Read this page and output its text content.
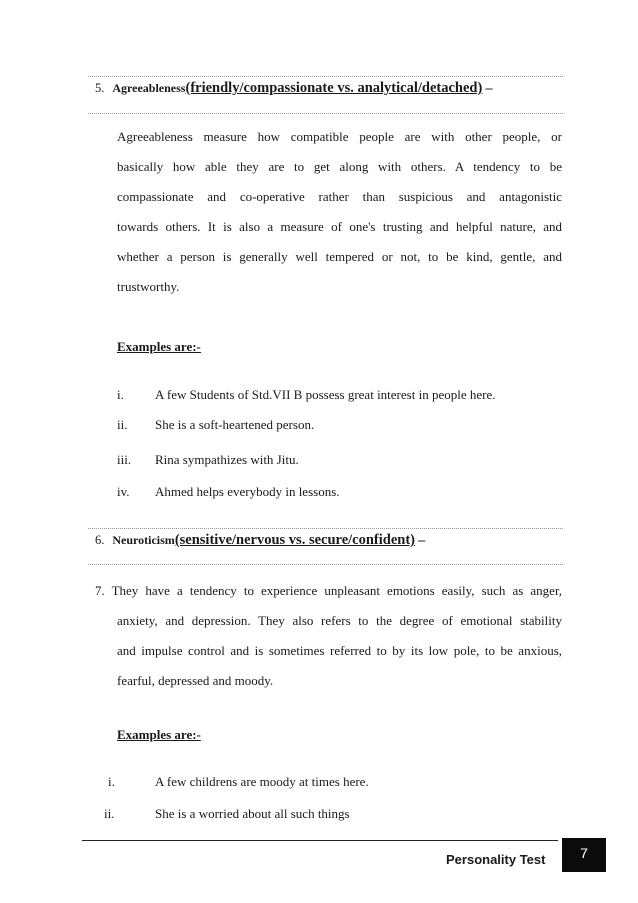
5. Agreeableness(friendly/compassionate vs. analytical/detached) –
Agreeableness measure how compatible people are with other people, or
basically how able they are to get along with others. A tendency to be
compassionate and co-operative rather than suspicious and antagonistic
towards others. It is also a measure of one's trusting and helpful nature, and
whether a person is generally well tempered or not, to be kind, gentle, and
trustworthy.
Examples are:-
i. A few Students of Std.VII B possess great interest in people here.
ii. She is a soft-heartened person.
iii. Rina sympathizes with Jitu.
iv. Ahmed helps everybody in lessons.
6. Neuroticism(sensitive/nervous vs. secure/confident) –
7. They have a tendency to experience unpleasant emotions easily, such as anger,
anxiety, and depression. They also refers to the degree of emotional stability
and impulse control and is sometimes referred to by its low pole, to be anxious,
fearful, depressed and moody.
Examples are:-
i.	A few childrens are moody at times here.
ii.	She is a worried about all such things
Personality Test	7
